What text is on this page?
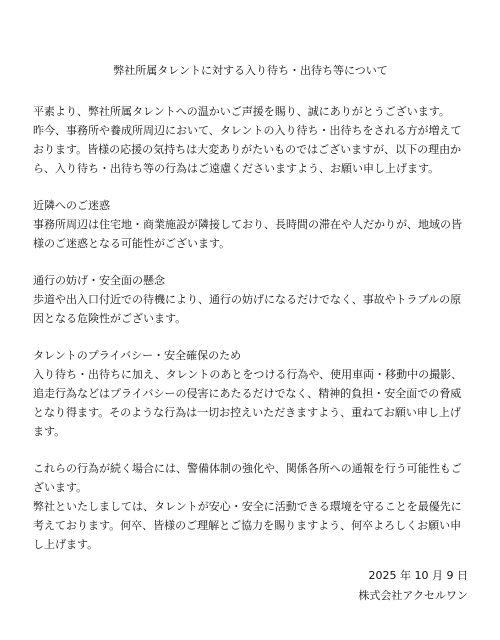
弊社所属タレントに対する入り待ち・出待ち等について

平素より、弊社所属タレントへの温かいご声援を賜り、誠にありがとうございます。

昨今、事務所や養成所周辺において、タレントの入り待ち・出待ちをされる方が増えております。皆様の応援の気持ちは大変ありがたいものではございますが、以下の理由から、入り待ち・出待ち等の行為はご遠慮くださいますよう、お願い申し上げます。

近隣へのご迷惑

事務所周辺は住宅地・商業施設が隣接しており、長時間の滞在や人だかりが、地域の皆様のご迷惑となる可能性がございます。

通行の妨げ・安全面の懸念

歩道や出入口付近での待機により、通行の妨げになるだけでなく、事故やトラブルの原因となる危険性がございます。

タレントのプライバシー・安全確保のため

入り待ち・出待ちに加え、タレントのあとをつける行為や、使用車両・移動中の撮影、追走行為などはプライバシーの侵害にあたるだけでなく、精神的負担・安全面での脅威となり得ます。そのような行為は一切お控えいただきますよう、重ねてお願い申し上げます。

これらの行為が続く場合には、警備体制の強化や、関係各所への通報を行う可能性もございます。

弊社といたしましては、タレントが安心・安全に活動できる環境を守ることを最優先に考えております。何卒、皆様のご理解とご協力を賜りますよう、何卒よろしくお願い申し上げます。

2025 年 10 月 9 日
株式会社アクセルワン
